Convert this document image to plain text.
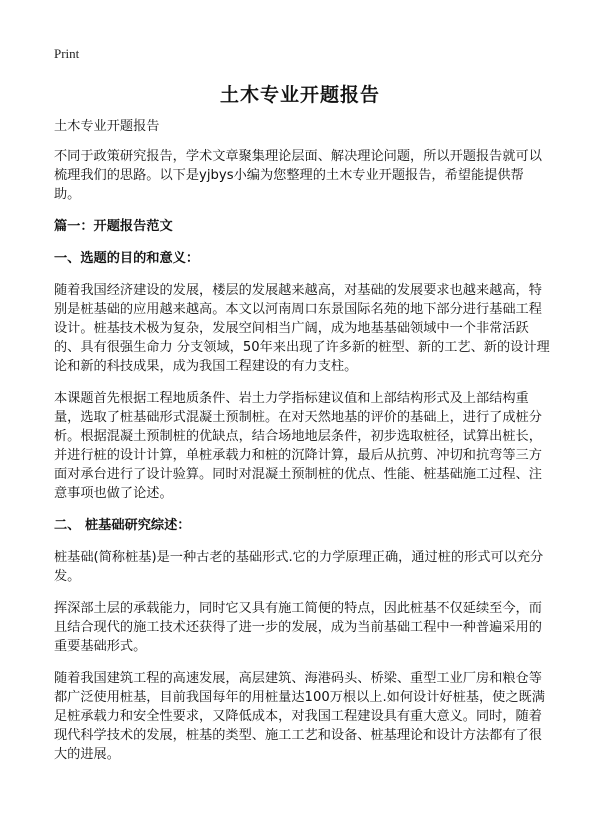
Print
土木专业开题报告

土木专业开题报告

不同于政策研究报告，学术文章聚集理论层面、解决理论问题，所以开题报告就可以梳理我们的思路。以下是yjbys小编为您整理的土木专业开题报告，希望能提供帮助。

篇一：开题报告范文
一、选题的目的和意义：

随着我国经济建设的发展，楼层的发展越来越高，对基础的发展要求也越来越高，特别是桩基础的应用越来越高。本文以河南周口东景国际名苑的地下部分进行基础工程设计。桩基技术极为复杂，发展空间相当广阔，成为地基基础领域中一个非常活跃的、具有很强生命力 分支领域，50年来出现了许多新的桩型、新的工艺、新的设计理论和新的科技成果，成为我国工程建设的有力支柱。

本课题首先根据工程地质条件、岩土力学指标建议值和上部结构形式及上部结构重量，选取了桩基础形式混凝土预制桩。在对天然地基的评价的基础上，进行了成桩分析。根据混凝土预制桩的优缺点，结合场地地层条件，初步选取桩径，试算出桩长，并进行桩的设计计算，单桩承载力和桩的沉降计算，最后从抗剪、冲切和抗弯等三方面对承台进行了设计验算。同时对混凝土预制桩的优点、性能、桩基础施工过程、注意事项也做了论述。

二、 桩基础研究综述：

桩基础(简称桩基)是一种古老的基础形式.它的力学原理正确，通过桩的形式可以充分发。

挥深部土层的承载能力，同时它又具有施工简便的特点，因此桩基不仅延续至今，而且结合现代的施工技术还获得了进一步的发展，成为当前基础工程中一种普遍采用的重要基础形式。

随着我国建筑工程的高速发展，高层建筑、海港码头、桥梁、重型工业厂房和粮仓等都广泛使用桩基，目前我国每年的用桩量达100万根以上.如何设计好桩基，使之既满足桩承载力和安全性要求，又降低成本，对我国工程建设具有重大意义。同时，随着现代科学技术的发展，桩基的类型、施工工艺和设备、桩基理论和设计方法都有了很大的进展。
